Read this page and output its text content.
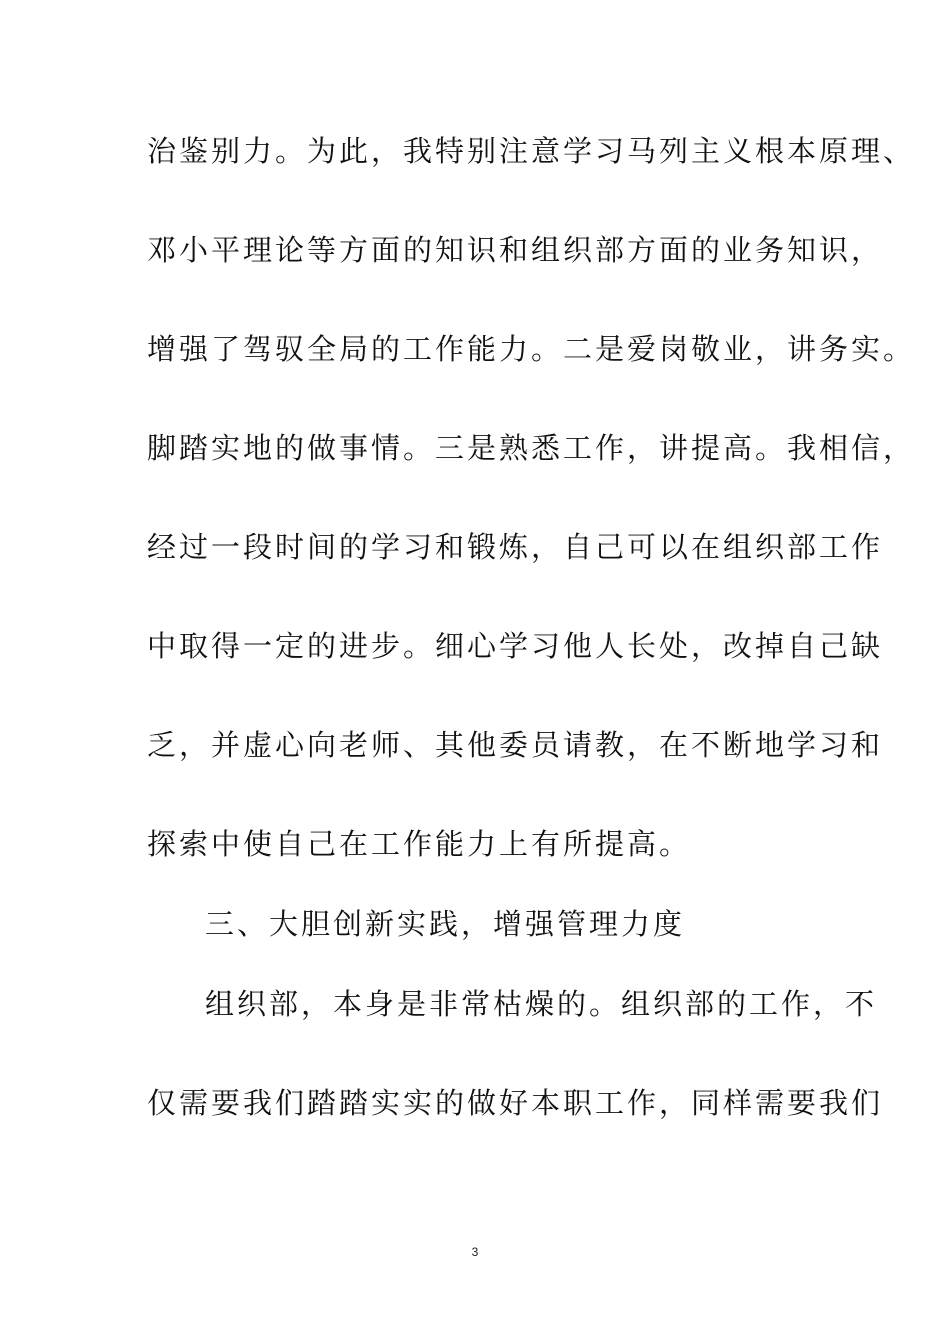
治鉴别力。为此，我特别注意学习马列主义根本原理、
邓小平理论等方面的知识和组织部方面的业务知识，
增强了驾驭全局的工作能力。二是爱岗敬业，讲务实。
脚踏实地的做事情。三是熟悉工作，讲提高。我相信，
经过一段时间的学习和锻炼，自己可以在组织部工作
中取得一定的进步。细心学习他人长处，改掉自己缺
乏，并虚心向老师、其他委员请教，在不断地学习和
探索中使自己在工作能力上有所提高。
三、大胆创新实践，增强管理力度
组织部，本身是非常枯燥的。组织部的工作，不
仅需要我们踏踏实实的做好本职工作，同样需要我们
3
